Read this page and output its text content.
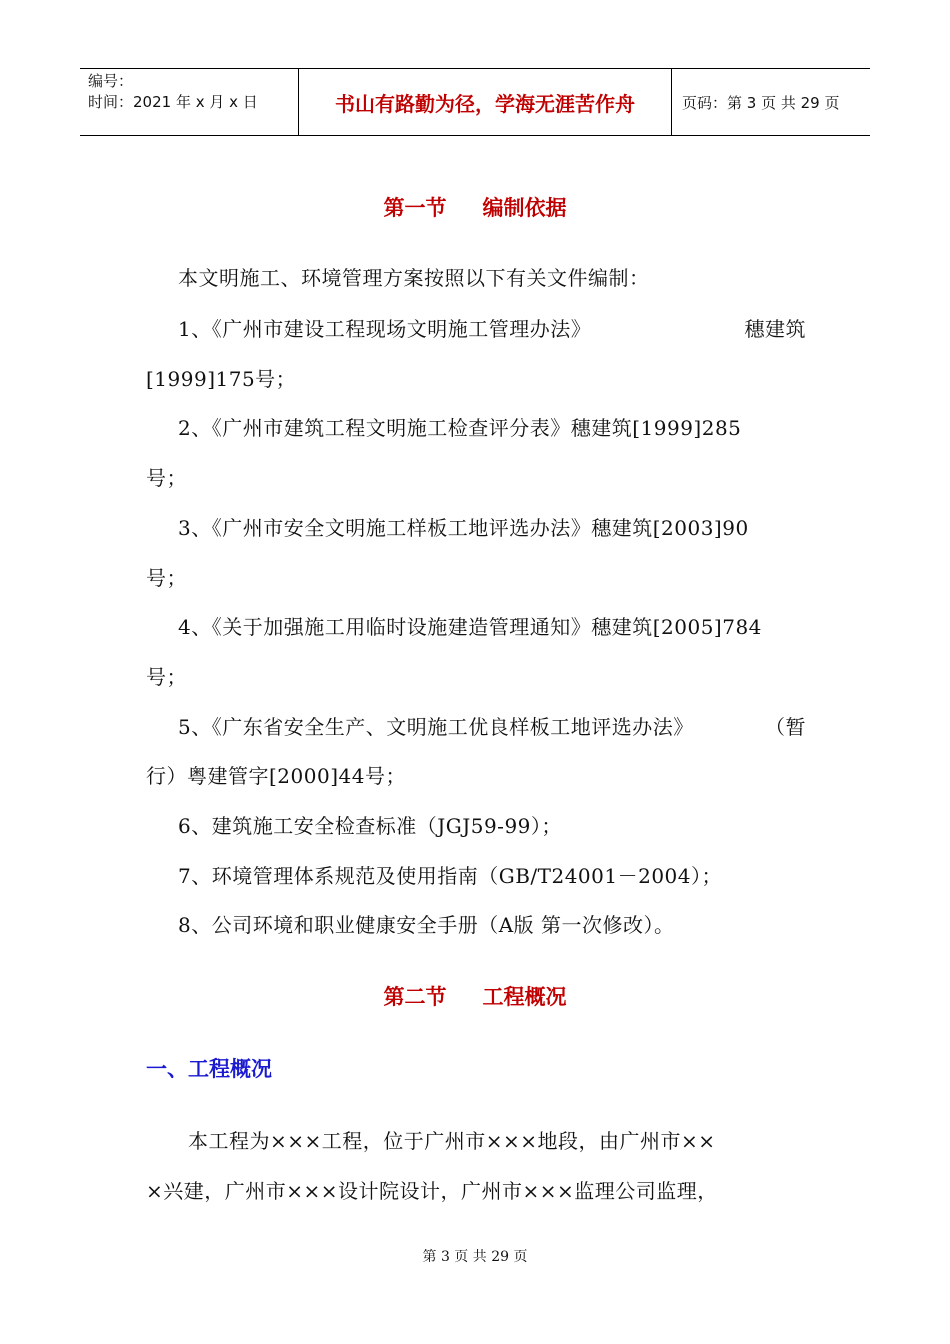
编号：
时间：2021 年 x 月 x 日	书山有路勤为径，学海无涯苦作舟	页码：第 3 页 共 29 页
第一节 编制依据
本文明施工、环境管理方案按照以下有关文件编制：
1、《广州市建设工程现场文明施工管理办法》	穗建筑
[1999]175号；
2、《广州市建筑工程文明施工检查评分表》穗建筑[1999]285
号；
3、《广州市安全文明施工样板工地评选办法》穗建筑[2003]90
号；
4、《关于加强施工用临时设施建造管理通知》穗建筑[2005]784
号；
5、《广东省安全生产、文明施工优良样板工地评选办法》	（暂
行）粤建管字[2000]44号；
6、建筑施工安全检查标准（JGJ59-99）；
7、环境管理体系规范及使用指南（GB/T24001－2004）；
8、公司环境和职业健康安全手册（A版 第一次修改）。
第二节 工程概况
一、工程概况
本工程为×××工程，位于广州市×××地段，由广州市××
×兴建，广州市×××设计院设计，广州市×××监理公司监理，
第 3 页 共 29 页
